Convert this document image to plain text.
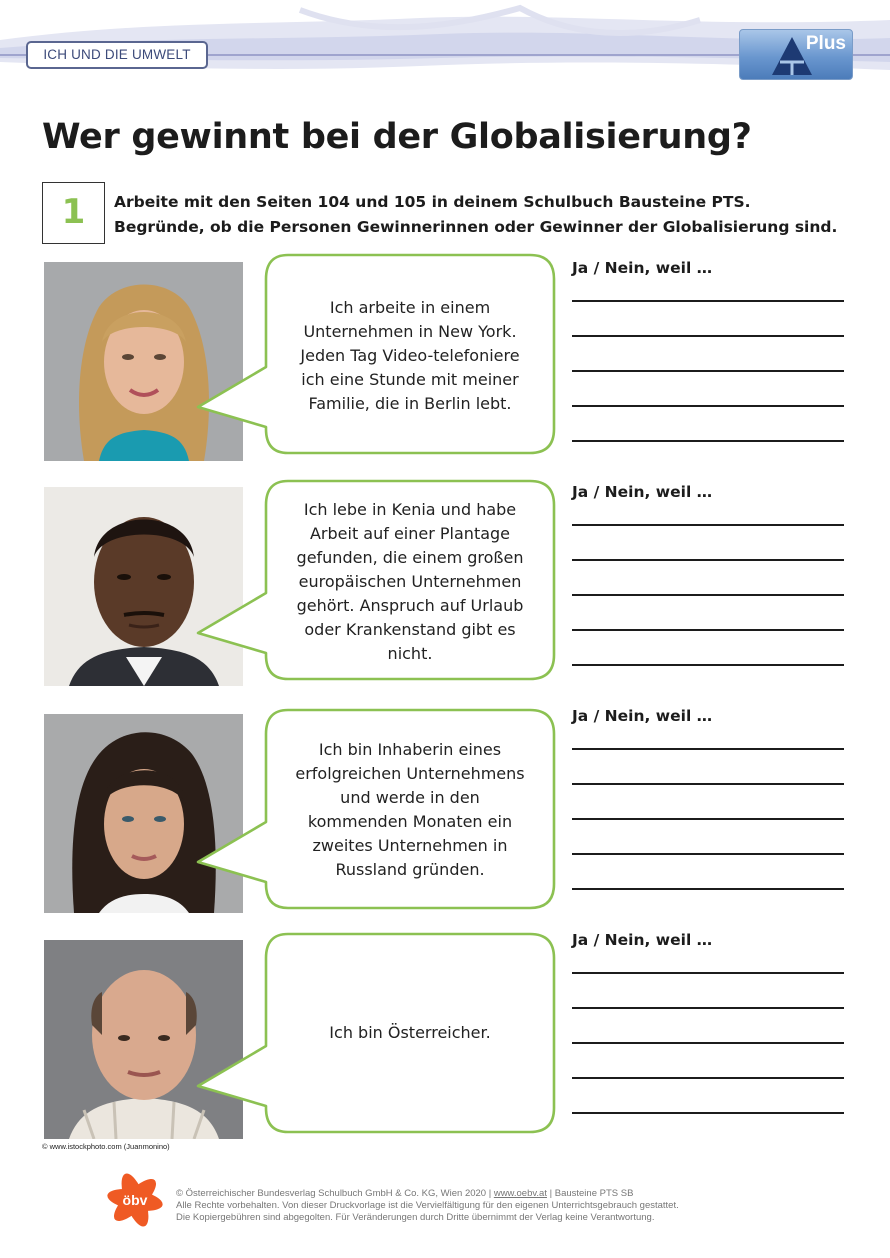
ICH UND DIE UMWELT
Plus
Wer gewinnt bei der Globalisierung?
1	Arbeite mit den Seiten 104 und 105 in deinem Schulbuch Bausteine PTS.
Begründe, ob die Personen Gewinnerinnen oder Gewinner der Globalisierung sind.
Ich arbeite in einem
Unternehmen in New York.
Jeden Tag Video-telefoniere
ich eine Stunde mit meiner
Familie, die in Berlin lebt.
Ja / Nein, weil …
Ich lebe in Kenia und habe
Arbeit auf einer Plantage
gefunden, die einem großen
europäischen Unternehmen
gehört. Anspruch auf Urlaub
oder Krankenstand gibt es
nicht.
Ja / Nein, weil …
Ich bin Inhaberin eines
erfolgreichen Unternehmens
und werde in den
kommenden Monaten ein
zweites Unternehmen in
Russland gründen.
Ja / Nein, weil …
Ich bin Österreicher.
Ja / Nein, weil …
© www.istockphoto.com (Juanmonino)
öbv	© Österreichischer Bundesverlag Schulbuch GmbH & Co. KG, Wien 2020 | www.oebv.at | Bausteine PTS SB
Alle Rechte vorbehalten. Von dieser Druckvorlage ist die Vervielfältigung für den eigenen Unterrichtsgebrauch gestattet.
Die Kopiergebühren sind abgegolten. Für Veränderungen durch Dritte übernimmt der Verlag keine Verantwortung.
